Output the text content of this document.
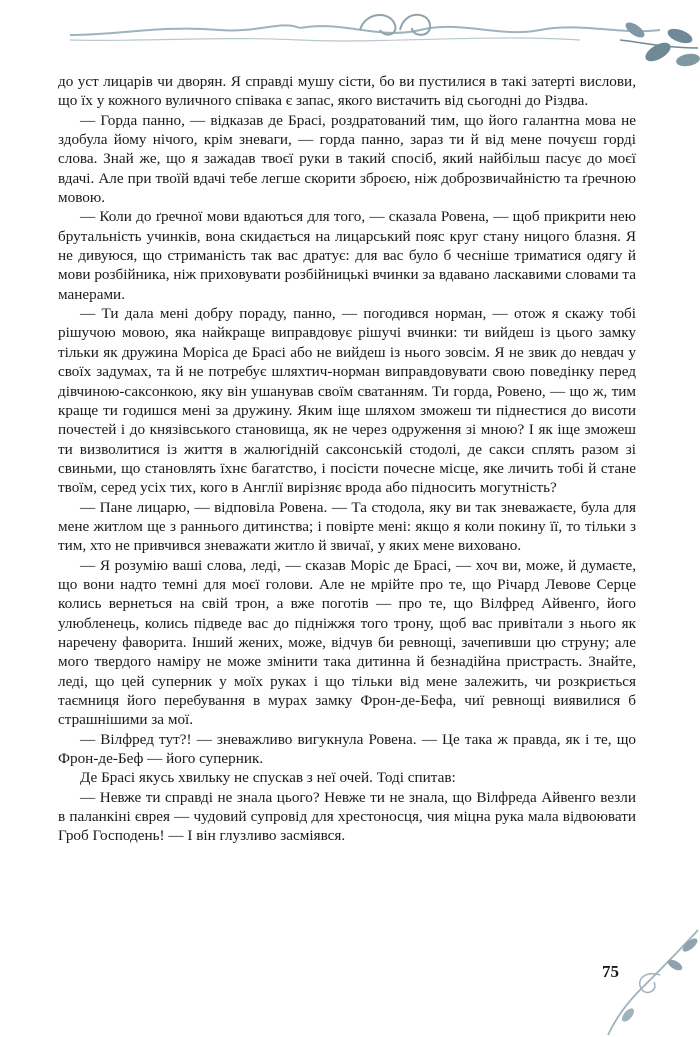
до уст лицарів чи дворян. Я справді мушу сісти, бо ви пустилися в такі затерті вислови, що їх у кожного вуличного співака є запас, якого вистачить від сьогодні до Різдва.

— Горда панно, — відказав де Брасі, роздратований тим, що його галантна мова не здобула йому нічого, крім зневаги, — горда панно, зараз ти й від мене почуєш горді слова. Знай же, що я зажадав твоєї руки в такий спосіб, який найбільш пасує до моєї вдачі. Але при твоїй вдачі тебе легше скорити зброєю, ніж доброзвичайністю та ґречною мовою.

— Коли до ґречної мови вдаються для того, — сказала Ровена, — щоб прикрити нею брутальність учинків, вона скидається на лицарський пояс круг стану ницого блазня. Я не дивуюся, що стриманість так вас дратує: для вас було б чесніше триматися одягу й мови розбійника, ніж приховувати розбійницькі вчинки за вдавано ласкавими словами та манерами.

— Ти дала мені добру пораду, панно, — погодився норман, — отож я скажу тобі рішучою мовою, яка найкраще виправдовує рішучі вчинки: ти вийдеш із цього замку тільки як дружина Моріса де Брасі або не вийдеш із нього зовсім. Я не звик до невдач у своїх задумах, та й не потребує шляхтич-норман виправдовувати свою поведінку перед дівчиною-саксонкою, яку він ушанував своїм сватанням. Ти горда, Ровено, — що ж, тим краще ти годишся мені за дружину. Яким іще шляхом зможеш ти піднестися до висоти почестей і до князівського становища, як не через одруження зі мною? І як іще зможеш ти визволитися із життя в жалюгідній саксонській стодолі, де сакси сплять разом зі свиньми, що становлять їхнє багатство, і посісти почесне місце, яке личить тобі й стане твоїм, серед усіх тих, кого в Англії вирізняє врода або підносить могутність?

— Пане лицарю, — відповіла Ровена. — Та стодола, яку ви так зневажаєте, була для мене житлом ще з раннього дитинства; і повірте мені: якщо я коли покину її, то тільки з тим, хто не привчився зневажати житло й звичаї, у яких мене виховано.

— Я розумію ваші слова, леді, — сказав Моріс де Брасі, — хоч ви, може, й думаєте, що вони надто темні для моєї голови. Але не мрійте про те, що Річард Левове Серце колись вернеться на свій трон, а вже поготів — про те, що Вілфред Айвенго, його улюбленець, колись підведе вас до підніжжя того трону, щоб вас привітали з нього як наречену фаворита. Інший жених, може, відчув би ревнощі, зачепивши цю струну; але мого твердого наміру не може змінити така дитинна й безнадійна пристрасть. Знайте, леді, що цей суперник у моїх руках і що тільки від мене залежить, чи розкриється таємниця його перебування в мурах замку Фрон-де-Бефа, чиї ревнощі виявилися б страшнішими за мої.

— Вілфред тут?! — зневажливо вигукнула Ровена. — Це така ж правда, як і те, що Фрон-де-Беф — його суперник.

Де Брасі якусь хвильку не спускав з неї очей. Тоді спитав:

— Невже ти справді не знала цього? Невже ти не знала, що Вілфреда Айвенго везли в паланкіні єврея — чудовий супровід для хрестоносця, чия міцна рука мала відвоювати Гроб Господень! — І він глузливо засміявся.

75
